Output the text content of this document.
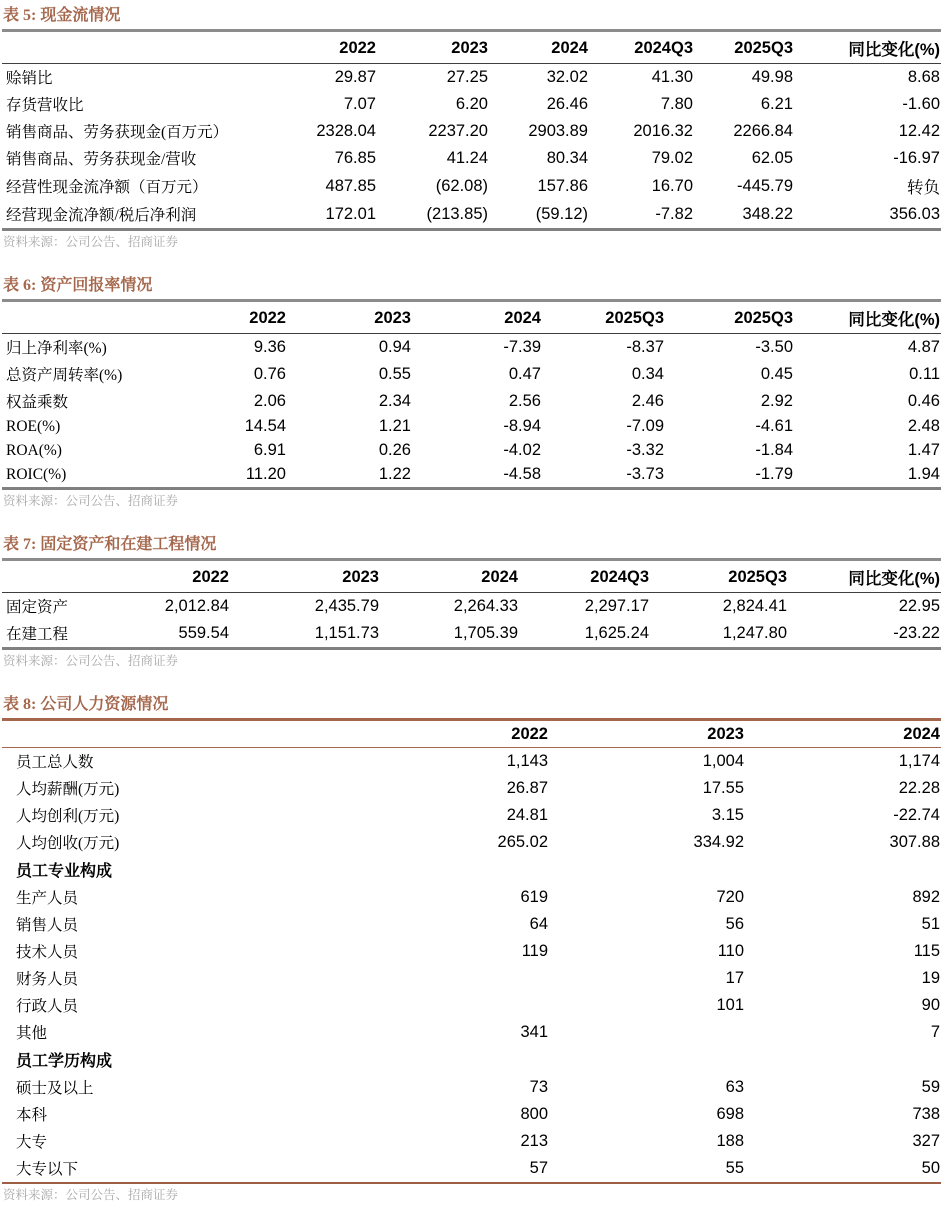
表 5: 现金流情况
	2022	2023	2024	2024Q3	2025Q3	同比变化(%)
赊销比	29.87	27.25	32.02	41.30	49.98	8.68
存货营收比	7.07	6.20	26.46	7.80	6.21	-1.60
销售商品、劳务获现金(百万元）	2328.04	2237.20	2903.89	2016.32	2266.84	12.42
销售商品、劳务获现金/营收	76.85	41.24	80.34	79.02	62.05	-16.97
经营性现金流净额（百万元）	487.85	(62.08)	157.86	16.70	-445.79	转负
经营现金流净额/税后净利润	172.01	(213.85)	(59.12)	-7.82	348.22	356.03
资料来源：公司公告、招商证券
表 6: 资产回报率情况
	2022	2023	2024	2025Q3	2025Q3	同比变化(%)
归上净利率(%)	9.36	0.94	-7.39	-8.37	-3.50	4.87
总资产周转率(%)	0.76	0.55	0.47	0.34	0.45	0.11
权益乘数	2.06	2.34	2.56	2.46	2.92	0.46
ROE(%)	14.54	1.21	-8.94	-7.09	-4.61	2.48
ROA(%)	6.91	0.26	-4.02	-3.32	-1.84	1.47
ROIC(%)	11.20	1.22	-4.58	-3.73	-1.79	1.94
资料来源：公司公告、招商证券
表 7: 固定资产和在建工程情况
	2022	2023	2024	2024Q3	2025Q3	同比变化(%)
固定资产	2,012.84	2,435.79	2,264.33	2,297.17	2,824.41	22.95
在建工程	559.54	1,151.73	1,705.39	1,625.24	1,247.80	-23.22
资料来源：公司公告、招商证券
表 8: 公司人力资源情况
	2022	2023	2024
员工总人数	1,143	1,004	1,174
人均薪酬(万元)	26.87	17.55	22.28
人均创利(万元)	24.81	3.15	-22.74
人均创收(万元)	265.02	334.92	307.88
员工专业构成			
生产人员	619	720	892
销售人员	64	56	51
技术人员	119	110	115
财务人员		17	19
行政人员		101	90
其他	341		7
员工学历构成			
硕士及以上	73	63	59
本科	800	698	738
大专	213	188	327
大专以下	57	55	50
资料来源：公司公告、招商证券
